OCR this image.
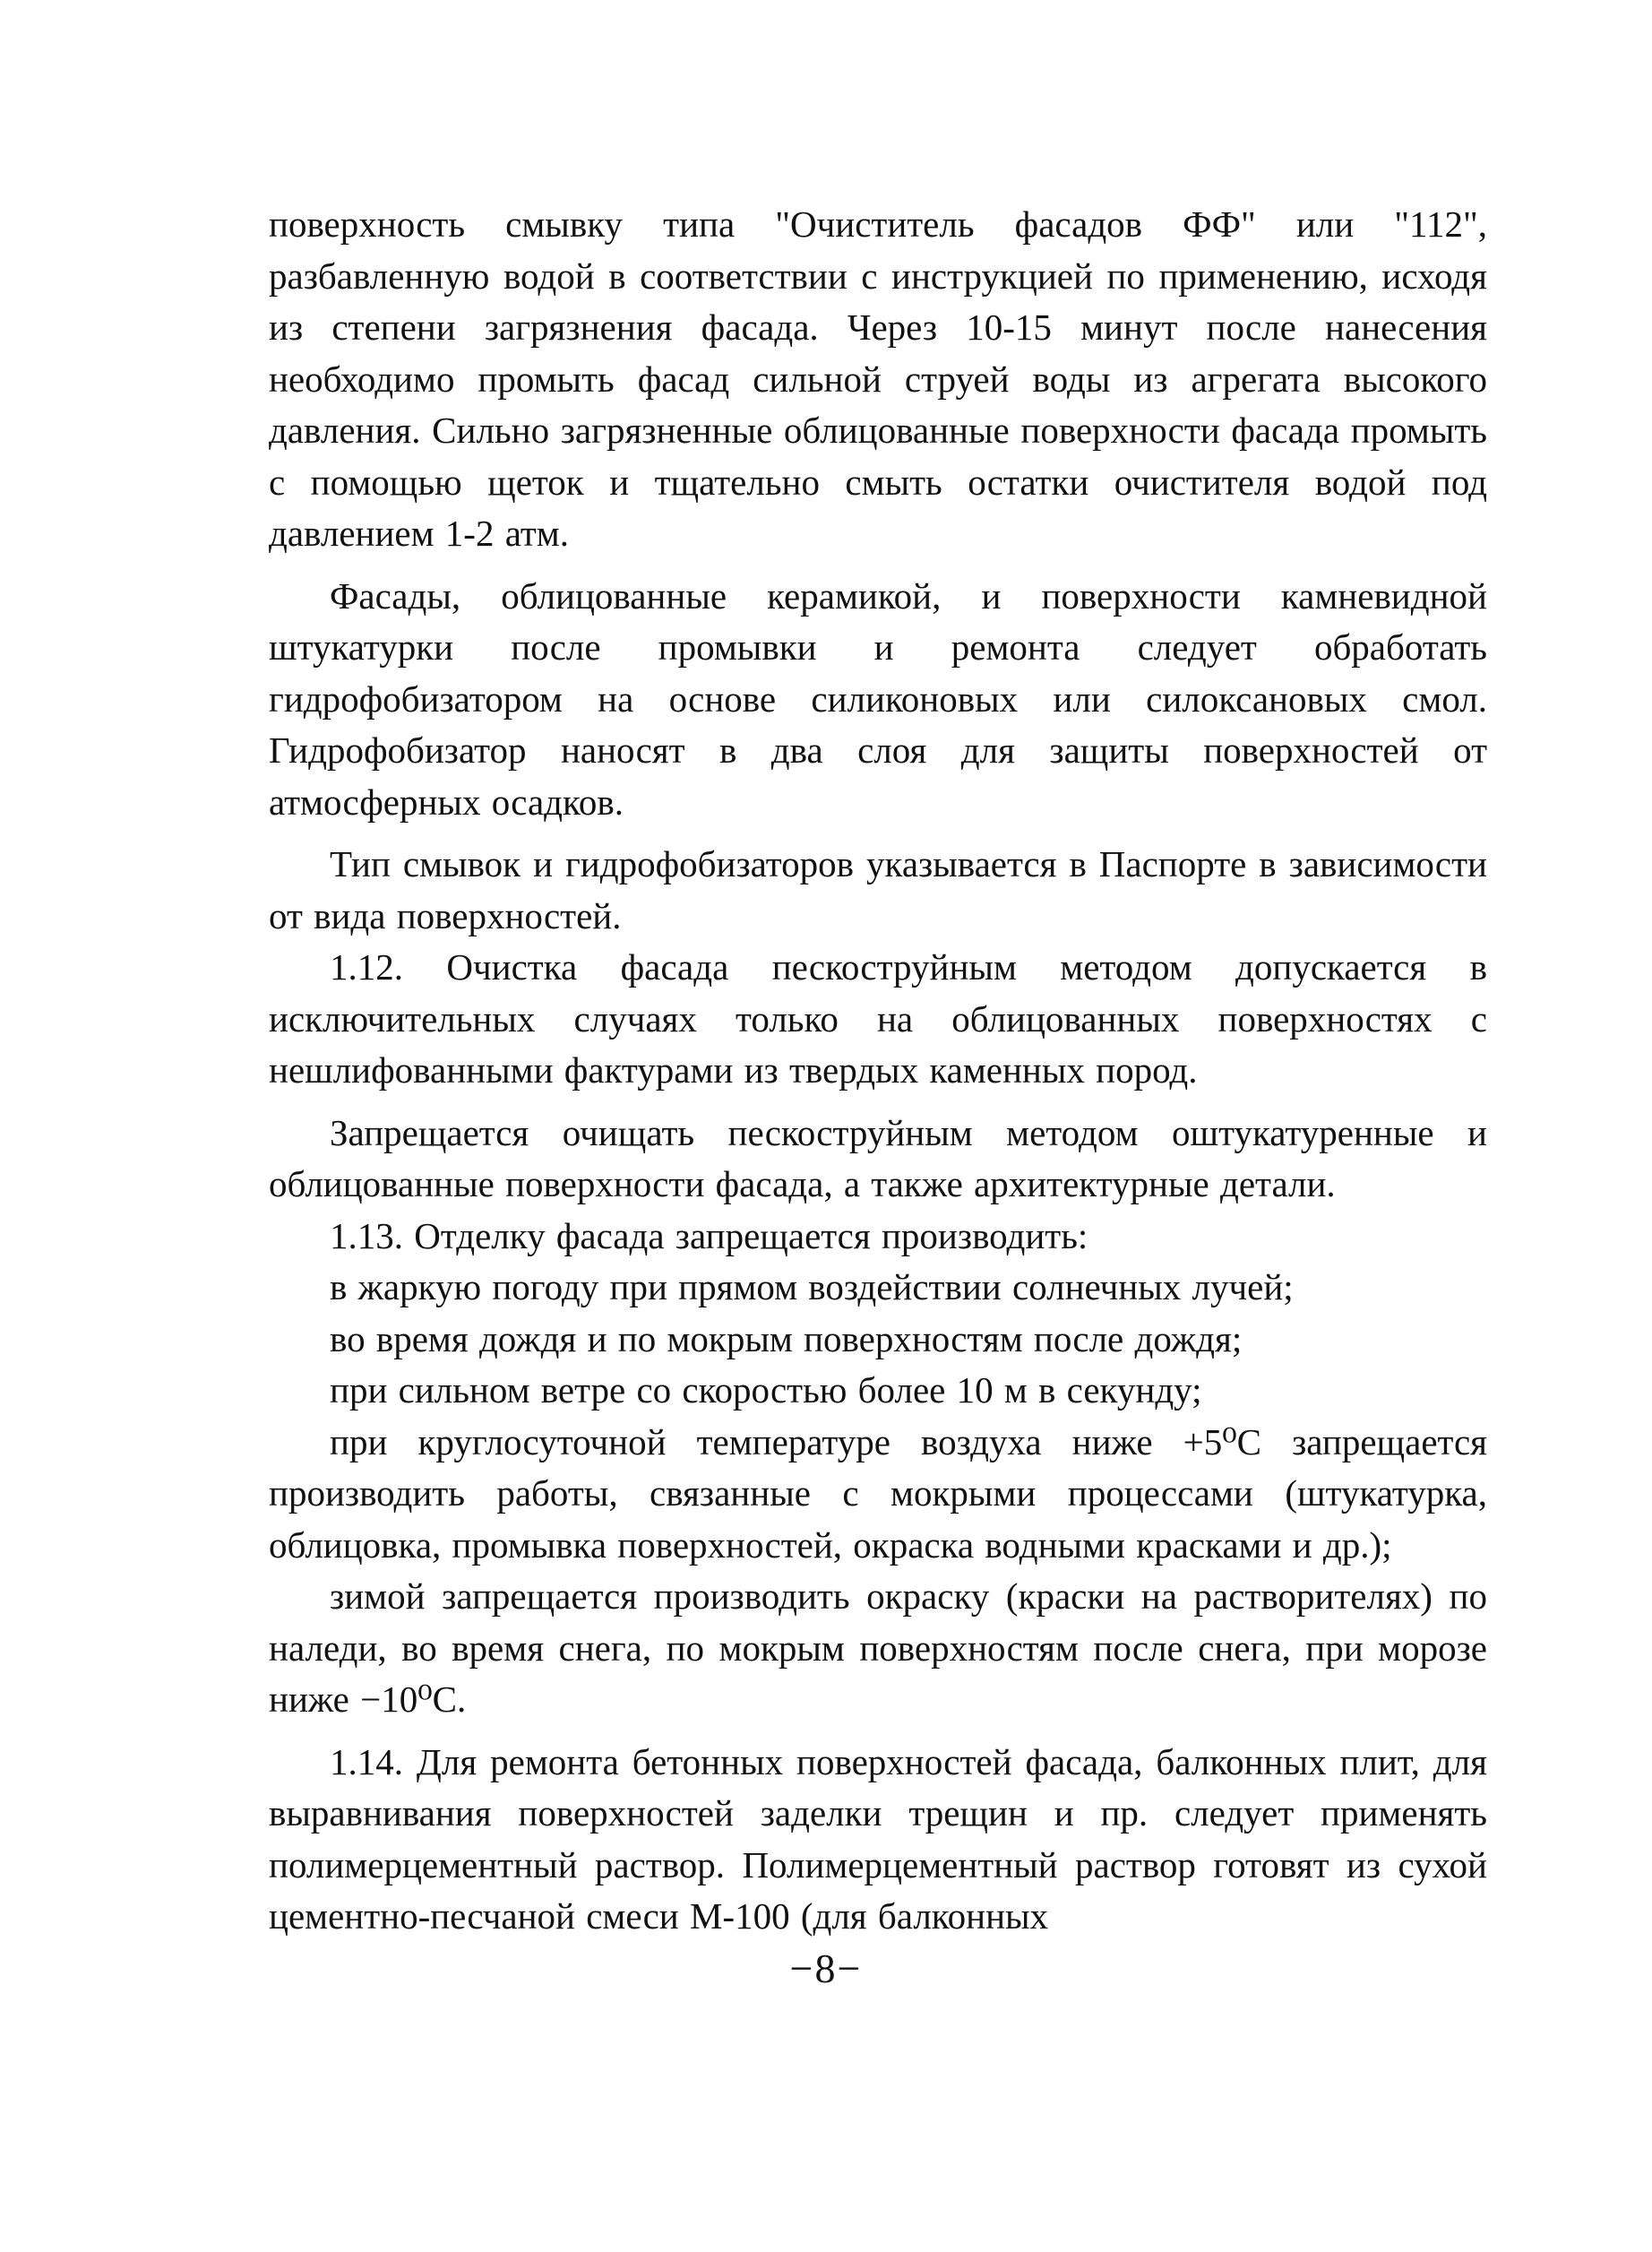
поверхность смывку типа "Очиститель фасадов ФФ" или "112", разбавленную водой в соответствии с инструкцией по применению, исходя из степени загрязнения фасада. Через 10-15 минут после нанесения необходимо промыть фасад сильной струей воды из агрегата высокого давления. Сильно загрязненные облицованные поверхности фасада промыть с помощью щеток и тщательно смыть остатки очистителя водой под давлением 1-2 атм.

Фасады, облицованные керамикой, и поверхности камневидной штукатурки после промывки и ремонта следует обработать гидрофобизатором на основе силиконовых или силоксановых смол. Гидрофобизатор наносят в два слоя для защиты поверхностей от атмосферных осадков.

Тип смывок и гидрофобизаторов указывается в Паспорте в зависимости от вида поверхностей.

1.12. Очистка фасада пескоструйным методом допускается в исключительных случаях только на облицованных поверхностях с нешлифованными фактурами из твердых каменных пород.

Запрещается очищать пескоструйным методом оштукатуренные и облицованные поверхности фасада, а также архитектурные детали.

1.13. Отделку фасада запрещается производить:

в жаркую погоду при прямом воздействии солнечных лучей;

во время дождя и по мокрым поверхностям после дождя;

при сильном ветре со скоростью более 10 м в секунду;

при круглосуточной температуре воздуха ниже +5⁰С запрещается производить работы, связанные с мокрыми процессами (штукатурка, облицовка, промывка поверхностей, окраска водными красками и др.);

зимой запрещается производить окраску (краски на растворителях) по наледи, во время снега, по мокрым поверхностям после снега, при морозе ниже −10⁰С.

1.14. Для ремонта бетонных поверхностей фасада, балконных плит, для выравнивания поверхностей заделки трещин и пр. следует применять полимерцементный раствор. Полимерцементный раствор готовят из сухой цементно-песчаной смеси М-100 (для балконных

−8−
